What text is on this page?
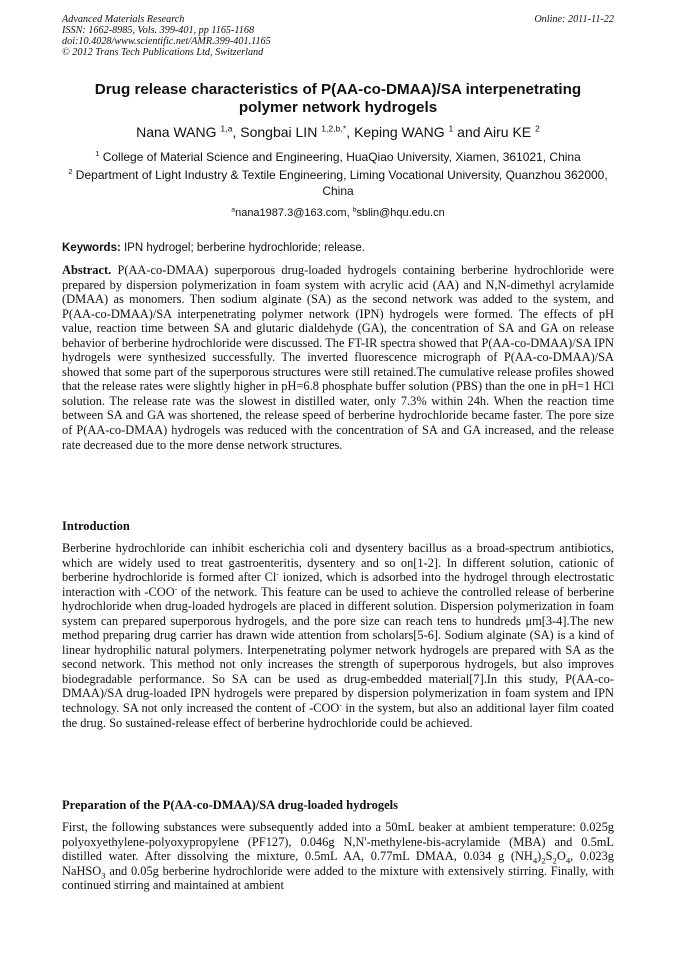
Advanced Materials Research
ISSN: 1662-8985, Vols. 399-401, pp 1165-1168
doi:10.4028/www.scientific.net/AMR.399-401.1165
© 2012 Trans Tech Publications Ltd, Switzerland
Online: 2011-11-22
Drug release characteristics of P(AA-co-DMAA)/SA interpenetrating
polymer network hydrogels
Nana WANG $^{1,a}$, Songbai LIN $^{1,2,b,*}$, Keping WANG $^1$ and Airu KE $^2$
$^1$ College of Material Science and Engineering, HuaQiao University, Xiamen, 361021, China
$^2$ Department of Light Industry & Textile Engineering, Liming Vocational University, Quanzhou 362000, China
$^a$nana1987.3@163.com, $^b$sblin@hqu.edu.cn
Keywords: IPN hydrogel; berberine hydrochloride; release.
Abstract. P(AA-co-DMAA) superporous drug-loaded hydrogels containing berberine hydrochloride were prepared by dispersion polymerization in foam system with acrylic acid (AA) and N,N-dimethyl acrylamide (DMAA) as monomers. Then sodium alginate (SA) as the second network was added to the system, and P(AA-co-DMAA)/SA interpenetrating polymer network (IPN) hydrogels were formed. The effects of pH value, reaction time between SA and glutaric dialdehyde (GA), the concentration of SA and GA on release behavior of berberine hydrochloride were discussed. The FT-IR spectra showed that P(AA-co-DMAA)/SA IPN hydrogels were synthesized successfully. The inverted fluorescence micrograph of P(AA-co-DMAA)/SA showed that some part of the superporous structures were still retained.The cumulative release profiles showed that the release rates were slightly higher in pH=6.8 phosphate buffer solution (PBS) than the one in pH=1 HCl solution. The release rate was the slowest in distilled water, only 7.3% within 24h. When the reaction time between SA and GA was shortened, the release speed of berberine hydrochloride became faster. The pore size of P(AA-co-DMAA) hydrogels was reduced with the concentration of SA and GA increased, and the release rate decreased due to the more dense network structures.
Introduction
Berberine hydrochloride can inhibit escherichia coli and dysentery bacillus as a broad-spectrum antibiotics, which are widely used to treat gastroenteritis, dysentery and so on[1-2]. In different solution, cationic of berberine hydrochloride is formed after Cl- ionized, which is adsorbed into the hydrogel through electrostatic interaction with -COO- of the network. This feature can be used to achieve the controlled release of berberine hydrochloride when drug-loaded hydrogels are placed in different solution. Dispersion polymerization in foam system can prepared superporous hydrogels, and the pore size can reach tens to hundreds μm[3-4].The new method preparing drug carrier has drawn wide attention from scholars[5-6]. Sodium alginate (SA) is a kind of linear hydrophilic natural polymers. Interpenetrating polymer network hydrogels are prepared with SA as the second network. This method not only increases the strength of superporous hydrogels, but also improves biodegradable performance. So SA can be used as drug-embedded material[7].In this study, P(AA-co-DMAA)/SA drug-loaded IPN hydrogels were prepared by dispersion polymerization in foam system and IPN technology. SA not only increased the content of -COO- in the system, but also an additional layer film coated the drug. So sustained-release effect of berberine hydrochloride could be achieved.
Preparation of the P(AA-co-DMAA)/SA drug-loaded hydrogels
First, the following substances were subsequently added into a 50mL beaker at ambient temperature: 0.025g polyoxyethylene-polyoxypropylene (PF127), 0.046g N,N'-methylene-bis-acrylamide (MBA) and 0.5mL distilled water. After dissolving the mixture, 0.5mL AA, 0.77mL DMAA, 0.034 g $(NH_4)_2S_2O_4$, 0.023g NaHSO$_3$ and 0.05g berberine hydrochloride were added to the mixture with extensively stirring. Finally, with continued stirring and maintained at ambient
